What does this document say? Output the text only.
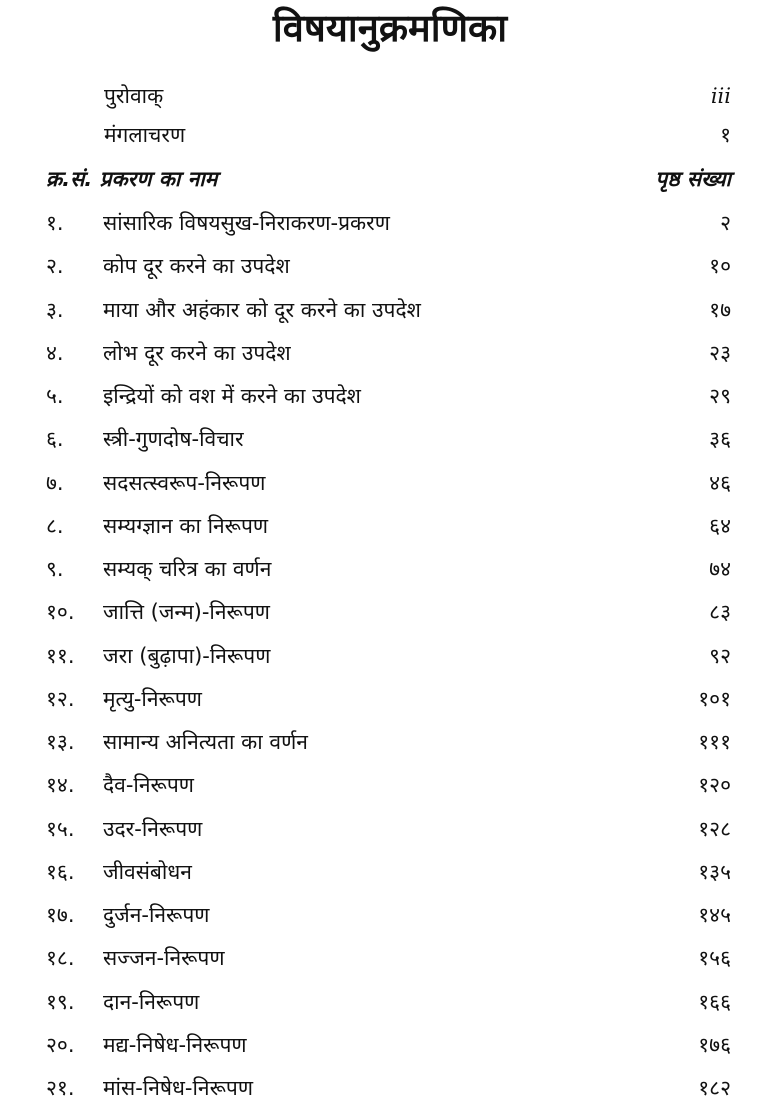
विषयानुक्रमणिका
पुरोवाक्	iii
मंगलाचरण	१
क्र.सं. प्रकरण का नाम	पृष्ठ संख्या
१.	सांसारिक विषयसुख-निराकरण-प्रकरण	२
२.	कोप दूर करने का उपदेश	१०
३.	माया और अहंकार को दूर करने का उपदेश	१७
४.	लोभ दूर करने का उपदेश	२३
५.	इन्द्रियों को वश में करने का उपदेश	२९
६.	स्त्री-गुणदोष-विचार	३६
७.	सदसत्स्वरूप-निरूपण	४६
८.	सम्यग्ज्ञान का निरूपण	६४
९.	सम्यक् चरित्र का वर्णन	७४
१०.	जात्ति (जन्म)-निरूपण	८३
११.	जरा (बुढ़ापा)-निरूपण	९२
१२.	मृत्यु-निरूपण	१०१
१३.	सामान्य अनित्यता का वर्णन	१११
१४.	दैव-निरूपण	१२०
१५.	उदर-निरूपण	१२८
१६.	जीवसंबोधन	१३५
१७.	दुर्जन-निरूपण	१४५
१८.	सज्जन-निरूपण	१५६
१९.	दान-निरूपण	१६६
२०.	मद्य-निषेध-निरूपण	१७६
२१.	मांस-निषेध-निरूपण	१८२
